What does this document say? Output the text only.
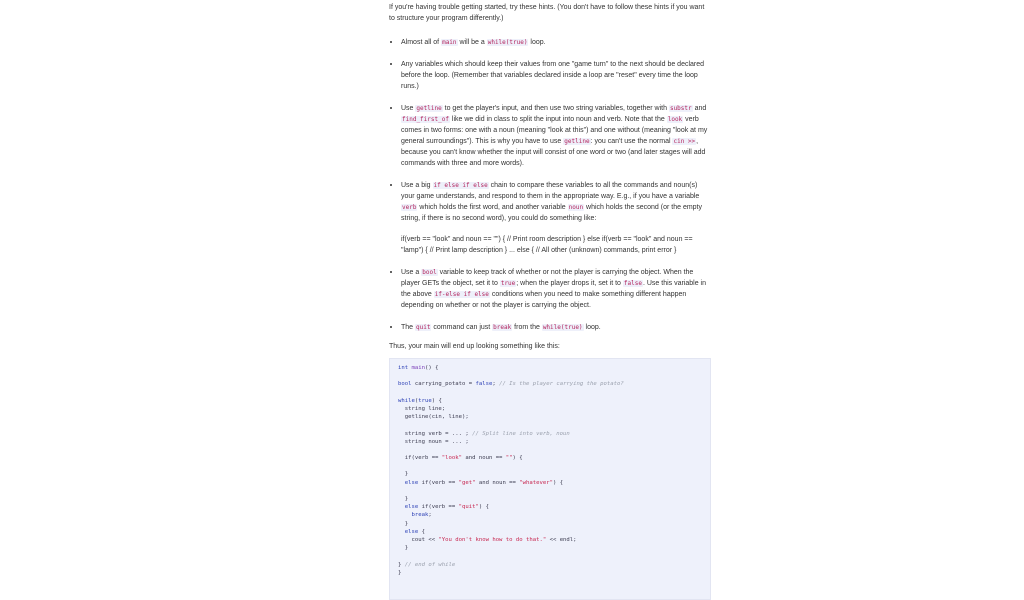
If you're having trouble getting started, try these hints. (You don't have to follow these hints if you want to structure your program differently.)

• Almost all of main will be a while(true) loop.
• Any variables which should keep their values from one "game turn" to the next should be declared before the loop. (Remember that variables declared inside a loop are "reset" every time the loop runs.)
• Use getline to get the player's input, and then use two string variables, together with substr and find_first_of like we did in class to split the input into noun and verb. Note that the look verb comes in two forms: one with a noun (meaning "look at this") and one without (meaning "look at my general surroundings"). This is why you have to use getline: you can't use the normal cin >>, because you can't know whether the input will consist of one word or two (and later stages will add commands with three and more words).
• Use a big if else if else chain to compare these variables to all the commands and noun(s) your game understands, and respond to them in the appropriate way. E.g., if you have a variable verb which holds the first word, and another variable noun which holds the second (or the empty string, if there is no second word), you could do something like:

if(verb == "look" and noun == "") { // Print room description } else if(verb == "look" and noun == "lamp") { // Print lamp description } ... else { // All other (unknown) commands, print error }

• Use a bool variable to keep track of whether or not the player is carrying the object. When the player GETs the object, set it to true; when the player drops it, set it to false. Use this variable in the above if-else if else conditions when you need to make something different happen depending on whether or not the player is carrying the object.
• The quit command can just break from the while(true) loop.

Thus, your main will end up looking something like this:

int main() {
bool carrying_potato = false; // Is the player carrying the potato?
while(true) {
string line;
getline(cin, line);
string verb = ... ; // Split line into verb, noun
string noun = ... ;
if(verb == "look" and noun == "") {
}
else if(verb == "get" and noun == "whatever") {
}
else if(verb == "quit") {
break;
}
else {
cout << "You don't know how to do that." << endl;
}
} // end of while
}
